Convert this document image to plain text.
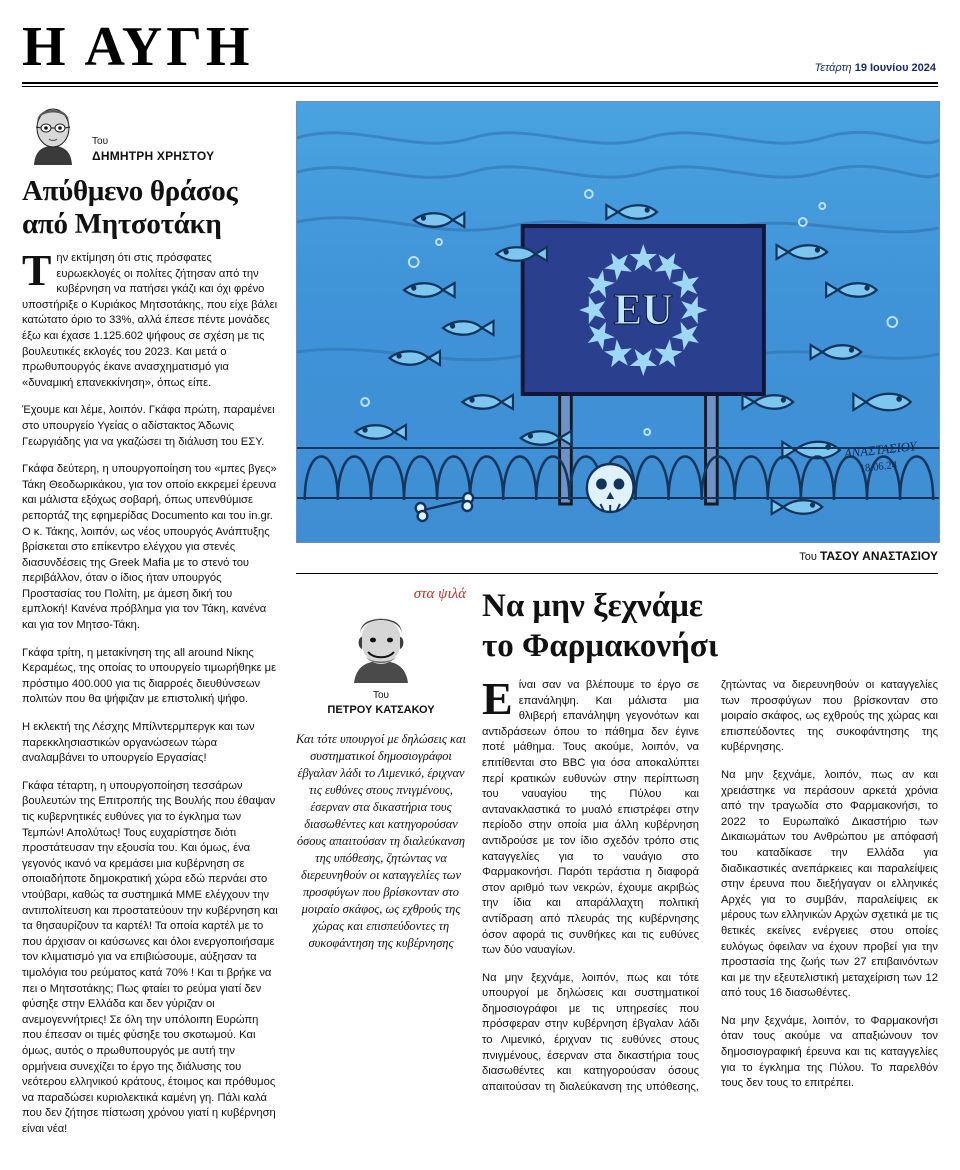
Η ΑΥΓΗ	Τετάρτη 19 Ιουνίου 2024
Του
ΔΗΜΗΤΡΗ ΧΡΗΣΤΟΥ
Απύθμενο θράσος
από Μητσοτάκη

Την εκτίμηση ότι στις πρόσφατες ευρωεκλογές οι πολίτες ζήτησαν από την κυβέρνηση να πατήσει γκάζι και όχι φρένο υποστήριξε ο Κυριάκος Μητσοτάκης, που είχε βάλει κατώτατο όριο το 33%, αλλά έπεσε πέντε μονάδες έξω και έχασε 1.125.602 ψήφους σε σχέση με τις βουλευτικές εκλογές του 2023. Και μετά ο πρωθυπουργός έκανε ανασχηματισμό για «δυναμική επανεκκίνηση», όπως είπε.

Έχουμε και λέμε, λοιπόν. Γκάφα πρώτη, παραμένει στο υπουργείο Υγείας ο αδίστακτος Άδωνις Γεωργιάδης για να γκαζώσει τη διάλυση του ΕΣΥ.

Γκάφα δεύτερη, η υπουργοποίηση του «μπες βγες» Τάκη Θεοδωρικάκου, για τον οποίο εκκρεμεί έρευνα και μάλιστα εξόχως σοβαρή, όπως υπενθύμισε ρεπορτάζ της εφημερίδας Documento και του in.gr. Ο κ. Τάκης, λοιπόν, ως νέος υπουργός Ανάπτυξης βρίσκεται στο επίκεντρο ελέγχου για στενές διασυνδέσεις της Greek Mafia με το στενό του περιβάλλον, όταν ο ίδιος ήταν υπουργός Προστασίας του Πολίτη, με άμεση δική του εμπλοκή! Κανένα πρόβλημα για τον Τάκη, κανένα και για τον Μητσο-Τάκη.

Γκάφα τρίτη, η μετακίνηση της all around Νίκης Κεραμέως, της οποίας το υπουργείο τιμωρήθηκε με πρόστιμο 400.000 για τις διαρροές διευθύνσεων πολιτών που θα ψήφιζαν με επιστολική ψήφο.

Η εκλεκτή της Λέσχης Μπίλντερμπεργκ και των παρεκκλησιαστικών οργανώσεων τώρα αναλαμβάνει το υπουργείο Εργασίας!

Γκάφα τέταρτη, η υπουργοποίηση τεσσάρων βουλευτών της Επιτροπής της Βουλής που έθαψαν τις κυβερνητικές ευθύνες για το έγκλημα των Τεμπών! Απολύτως! Τους ευχαρίστησε διότι προστάτευσαν την εξουσία του. Και όμως, ένα γεγονός ικανό να κρεμάσει μια κυβέρνηση σε οποιαδήποτε δημοκρατική χώρα εδώ περνάει στο ντούβαρι, καθώς τα συστημικά ΜΜΕ ελέγχουν την αντιπολίτευση και προστατεύουν την κυβέρνηση και τα θησαυρίζουν τα καρτέλ! Τα οποία καρτέλ με το που άρχισαν οι καύσωνες και όλοι ενεργοποιήσαμε τον κλιματισμό για να επιβιώσουμε, αύξησαν τα τιμολόγια του ρεύματος κατά 70% ! Και τι βρήκε να πει ο Μητσοτάκης; Πως φταίει το ρεύμα γιατί δεν φύσηξε στην Ελλάδα και δεν γύριζαν οι ανεμογεννήτριες! Σε όλη την υπόλοιπη Ευρώπη που έπεσαν οι τιμές φύσηξε του σκοτωμού. Και όμως, αυτός ο πρωθυπουργός με αυτή την ορμήνεια συνεχίζει το έργο της διάλυσης του νεότερου ελληνικού κράτους, έτοιμος και πρόθυμος να παραδώσει κυριολεκτικά καμένη γη. Πάλι καλά που δεν ζήτησε πίστωση χρόνου γιατί η κυβέρνηση είναι νέα!

EU
ANΑΣΤΑΣΙΟΥ
18.06.24
Του ΤΑΣΟΥ ΑΝΑΣΤΑΣΙΟΥ
στα ψιλά
Του
ΠΕΤΡΟΥ ΚΑΤΣΑΚΟΥ
Και τότε υπουργοί με δηλώσεις και συστηματικοί δημοσιογράφοι έβγαλαν λάδι το Λιμενικό, έριχναν τις ευθύνες στους πνιγμένους, έσερναν στα δικαστήρια τους διασωθέντες και κατηγορούσαν όσους απαιτούσαν τη διαλεύκανση της υπόθεσης, ζητώντας να διερευνηθούν οι καταγγελίες των προσφύγων που βρίσκονταν στο μοιραίο σκάφος, ως εχθρούς της χώρας και επισπεύδοντες τη συκοφάντηση της κυβέρνησης
Να μην ξεχνάμε
το Φαρμακονήσι

Είναι σαν να βλέπουμε το έργο σε επανάληψη. Και μάλιστα μια θλιβερή επανάληψη γεγονότων και αντιδράσεων όπου το πάθημα δεν έγινε ποτέ μάθημα. Τους ακούμε, λοιπόν, να επιτίθενται στο BBC για όσα αποκαλύπτει περί κρατικών ευθυνών στην περίπτωση του ναυαγίου της Πύλου και αντανακλαστικά το μυαλό επιστρέφει στην περίοδο στην οποία μια άλλη κυβέρνηση αντιδρούσε με τον ίδιο σχεδόν τρόπο στις καταγγελίες για το ναυάγιο στο Φαρμακονήσι. Παρότι τεράστια η διαφορά στον αριθμό των νεκρών, έχουμε ακριβώς την ίδια και απαράλλαχτη πολιτική αντίδραση από πλευράς της κυβέρνησης όσον αφορά τις συνθήκες και τις ευθύνες των δύο ναυαγίων.

Να μην ξεχνάμε, λοιπόν, πως και τότε υπουργοί με δηλώσεις και συστηματικοί δημοσιογράφοι με τις υπηρεσίες που πρόσφεραν στην κυβέρνηση έβγαλαν λάδι το Λιμενικό, έριχναν τις ευθύνες στους πνιγμένους, έσερναν στα δικαστήρια τους διασωθέντες και κατηγορούσαν όσους απαιτούσαν τη διαλεύκανση της υπόθεσης, ζητώντας να διερευνηθούν οι καταγγελίες των προσφύγων που βρίσκονταν στο μοιραίο σκάφος, ως εχθρούς της χώρας και επισπεύδοντες της συκοφάντησης της κυβέρνησης.

Να μην ξεχνάμε, λοιπόν, πως αν και χρειάστηκε να περάσουν αρκετά χρόνια από την τραγωδία στο Φαρμακονήσι, το 2022 το Ευρωπαϊκό Δικαστήριο των Δικαιωμάτων του Ανθρώπου με απόφασή του καταδίκασε την Ελλάδα για διαδικαστικές ανεπάρκειες και παραλείψεις στην έρευνα που διεξήγαγαν οι ελληνικές Αρχές για το συμβάν, παραλείψεις εκ μέρους των ελληνικών Αρχών σχετικά με τις θετικές εκείνες ενέργειες στου οποίες ευλόγως όφειλαν να έχουν προβεί για την προστασία της ζωής των 27 επιβαινόντων και με την εξευτελιστική μεταχείριση των 12 από τους 16 διασωθέντες.

Να μην ξεχνάμε, λοιπόν, το Φαρμακονήσι όταν τους ακούμε να απαξιώνουν τον δημοσιογραφική έρευνα και τις καταγγελίες για το έγκλημα της Πύλου. Το παρελθόν τους δεν τους το επιτρέπει.
